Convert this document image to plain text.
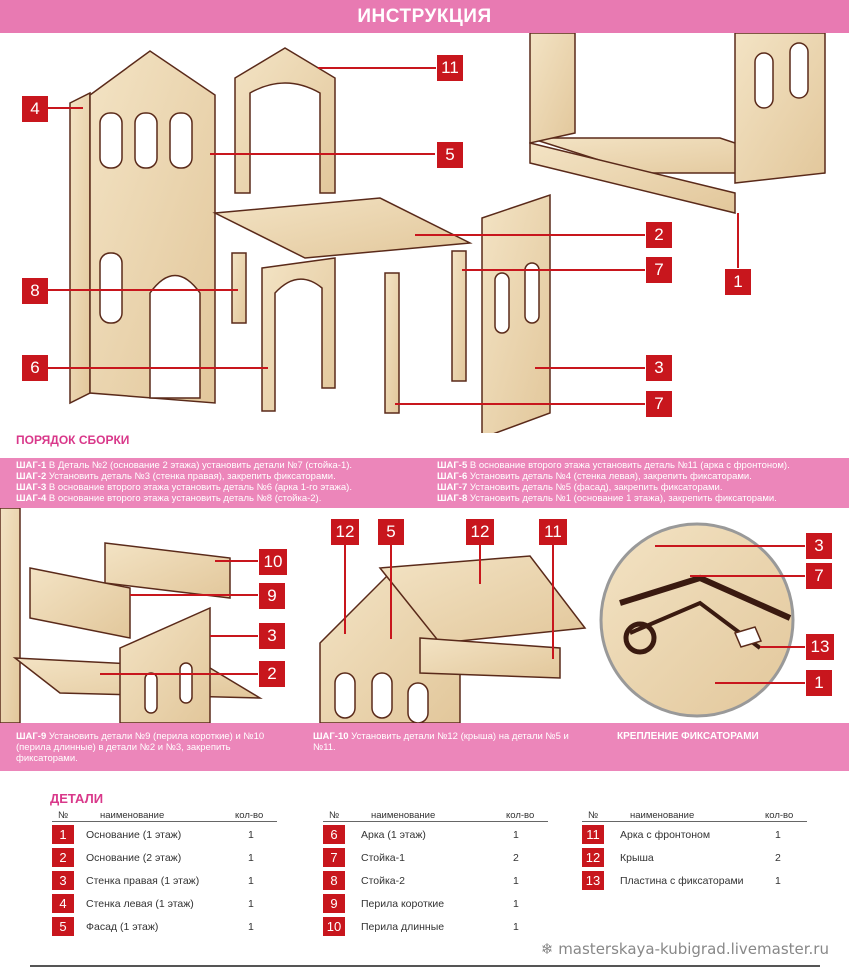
ИНСТРУКЦИЯ
4
5
11
2
7
8
6	3
7
1
ПОРЯДОК СБОРКИ
ШАГ-1 В Деталь №2 (основание 2 этажа) установить детали №7 (стойка-1).
ШАГ-2 Установить деталь №3 (стенка правая), закрепить фиксаторами.
ШАГ-3 В основание второго этажа установить деталь №6 (арка 1-го этажа).
ШАГ-4 В основание второго этажа установить деталь №8 (стойка-2).
ШАГ-5 В основание второго этажа установить деталь №11 (арка с фронтоном).
ШАГ-6 Установить деталь №4 (стенка левая), закрепить фиксаторами.
ШАГ-7 Установить деталь №5 (фасад), закрепить фиксаторами.
ШАГ-8 Установить деталь №1 (основание 1 этажа), закрепить фиксаторами.
10
9
3
2
12	5	12	11
3
7
13
1
ШАГ-9 Установить детали №9 (перила короткие) и №10 (перила длинные) в детали №2 и №3, закрепить фиксаторами.
ШАГ-10 Установить детали №12 (крыша) на детали №5 и №11.
КРЕПЛЕНИЕ ФИКСАТОРАМИ
ДЕТАЛИ
№	наименование	кол-во
1	Основание (1 этаж)	1
2	Основание (2 этаж)	1
3	Стенка правая (1 этаж)	1
4	Стенка левая (1 этаж)	1
5	Фасад (1 этаж)	1
№	наименование	кол-во
6	Арка (1 этаж)	1
7	Стойка-1	2
8	Стойка-2	1
9	Перила короткие	1
10	Перила длинные	1
№	наименование	кол-во
11	Арка с фронтоном	1
12	Крыша	2
13	Пластина с фиксаторами	1
❄ masterskaya-kubigrad.livemaster.ru
